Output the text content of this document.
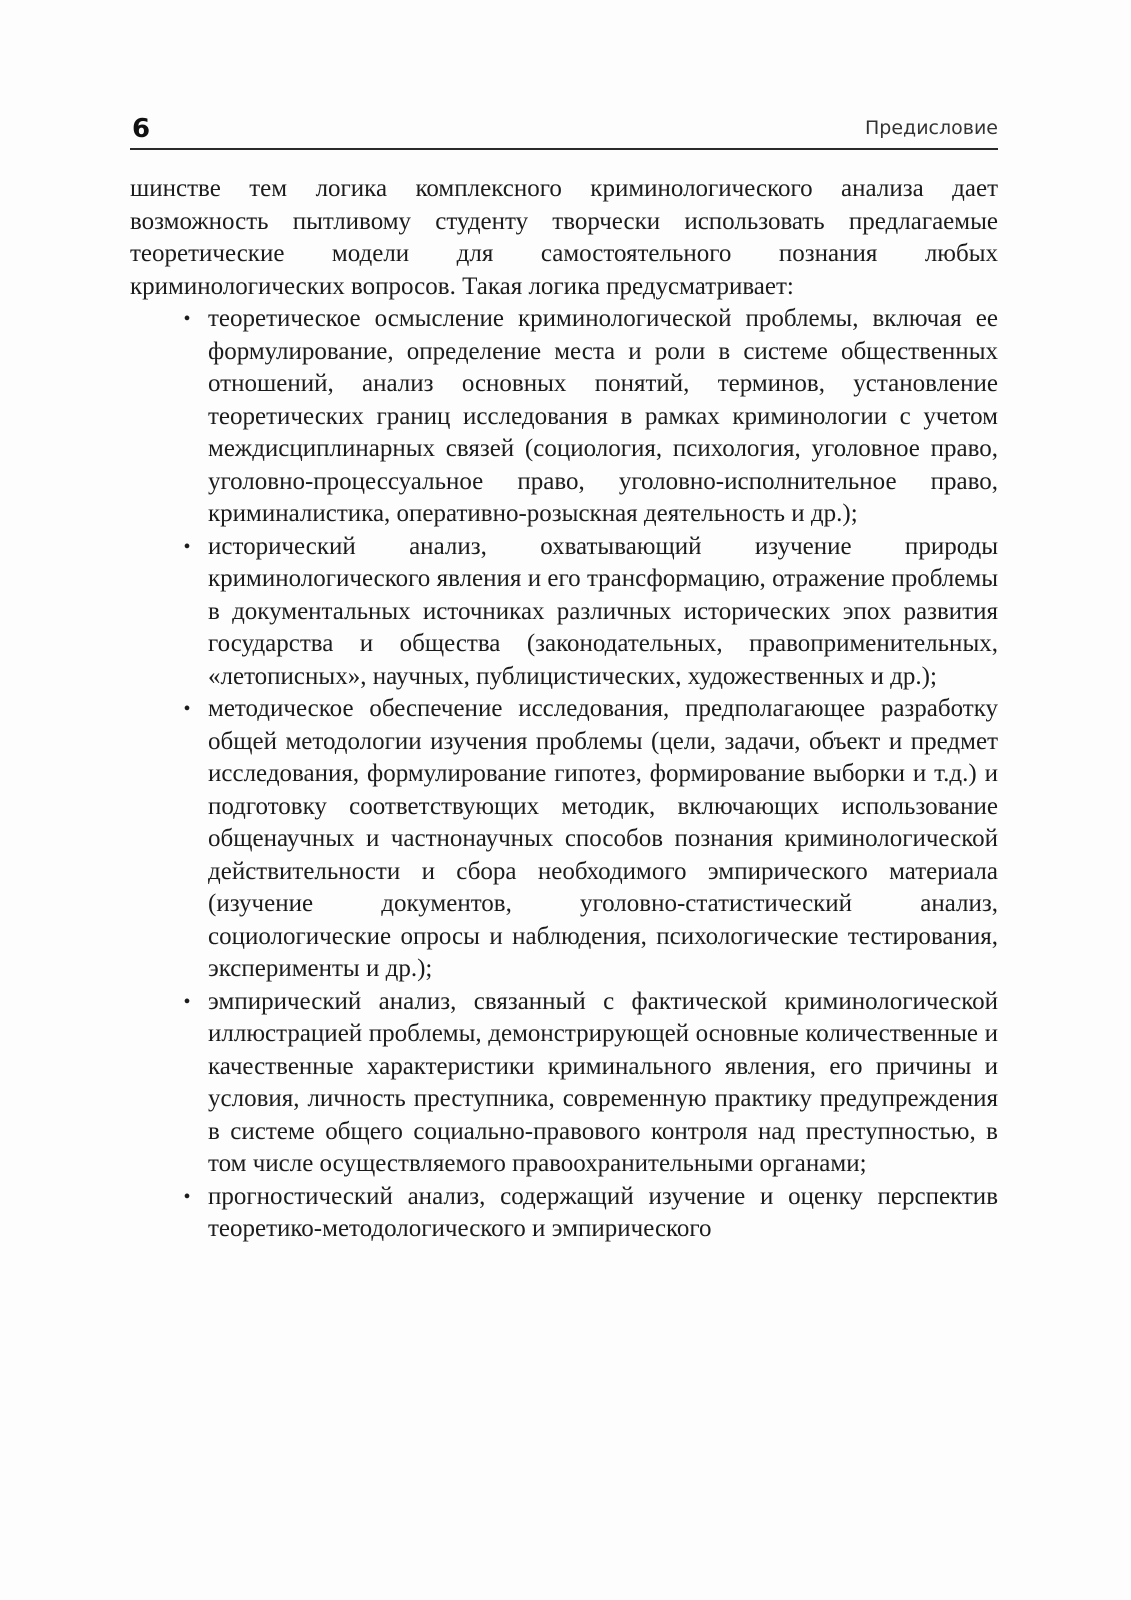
6	Предисловие

шинстве тем логика комплексного криминологического анализа дает возможность пытливому студенту творчески использовать предлагаемые теоретические модели для самостоятельного познания любых криминологических вопросов. Такая логика предусматривает:

• теоретическое осмысление криминологической проблемы, включая ее формулирование, определение места и роли в системе общественных отношений, анализ основных понятий, терминов, установление теоретических границ исследования в рамках криминологии с учетом междисциплинарных связей (социология, психология, уголовное право, уголовно-процессуальное право, уголовно-исполнительное право, криминалистика, оперативно-розыскная деятельность и др.);
• исторический анализ, охватывающий изучение природы криминологического явления и его трансформацию, отражение проблемы в документальных источниках различных исторических эпох развития государства и общества (законодательных, правоприменительных, «летописных», научных, публицистических, художественных и др.);
• методическое обеспечение исследования, предполагающее разработку общей методологии изучения проблемы (цели, задачи, объект и предмет исследования, формулирование гипотез, формирование выборки и т.д.) и подготовку соответствующих методик, включающих использование общенаучных и частнонаучных способов познания криминологической действительности и сбора необходимого эмпирического материала (изучение документов, уголовно-статистический анализ, социологические опросы и наблюдения, психологические тестирования, эксперименты и др.);
• эмпирический анализ, связанный с фактической криминологической иллюстрацией проблемы, демонстрирующей основные количественные и качественные характеристики криминального явления, его причины и условия, личность преступника, современную практику предупреждения в системе общего социально-правового контроля над преступностью, в том числе осуществляемого правоохранительными органами;
• прогностический анализ, содержащий изучение и оценку перспектив теоретико-методологического и эмпирического
